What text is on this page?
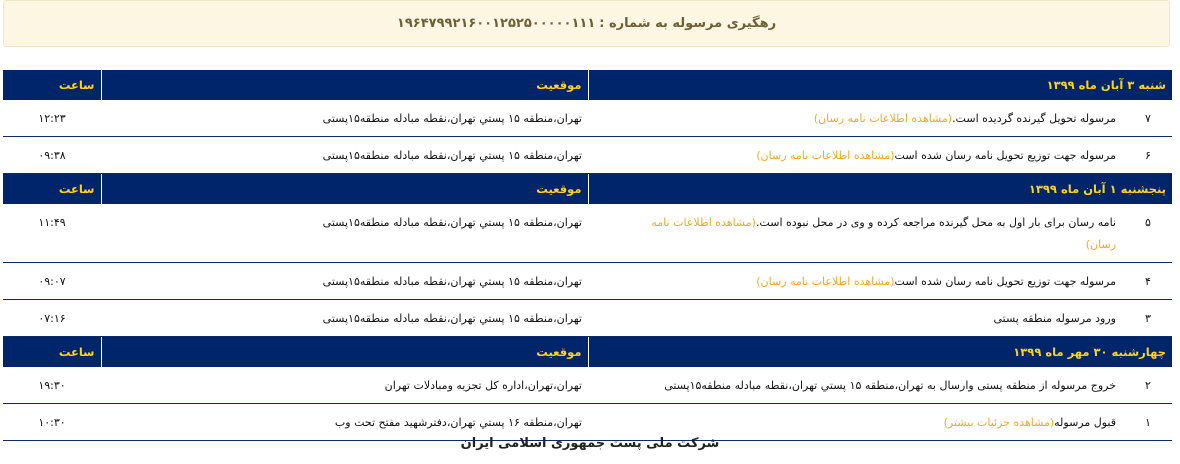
رهگیری مرسوله به شماره :
۱۹۶۴۷۹۹۲۱۶۰۰۱۲۵۲۵۰۰۰۰۰۱۱۱
شنبه ۳ آبان ماه ۱۳۹۹	موقعیت	ساعت

۷
مرسوله تحویل گیرنده گردیده است.(مشاهده اطلاعات نامه رسان)	تهران،منطقه ۱۵ پستي تهران،نقطه مبادله منطقه۱۵پستی	۱۲:۲۳

۶
مرسوله جهت توزیع تحویل نامه رسان شده است(مشاهده اطلاعات نامه رسان)	تهران،منطقه ۱۵ پستي تهران،نقطه مبادله منطقه۱۵پستی	۰۹:۳۸
پنجشنبه ۱ آبان ماه ۱۳۹۹	موقعیت	ساعت

۵
نامه رسان برای بار اول به محل گیرنده مراجعه کرده و وی در محل نبوده است.(مشاهده اطلاعات نامه رسان)	تهران،منطقه ۱۵ پستي تهران،نقطه مبادله منطقه۱۵پستی	۱۱:۴۹

۴
مرسوله جهت توزیع تحویل نامه رسان شده است(مشاهده اطلاعات نامه رسان)	تهران،منطقه ۱۵ پستي تهران،نقطه مبادله منطقه۱۵پستی	۰۹:۰۷

۳
ورود مرسوله منطقه پستی	تهران،منطقه ۱۵ پستي تهران،نقطه مبادله منطقه۱۵پستی	۰۷:۱۶
چهارشنبه ۳۰ مهر ماه ۱۳۹۹	موقعیت	ساعت

۲
خروج مرسوله از منطقه پستی وارسال به تهران،منطقه ۱۵ پستي تهران،نقطه مبادله منطقه۱۵پستی	تهران،تهران،اداره کل تجزیه ومبادلات تهران	۱۹:۳۰

۱
قبول مرسوله(مشاهده جزئیات بیشتر)	تهران،منطقه ۱۶ پستي تهران،دفترشهید مفتح تحت وب	۱۰:۳۰
شرکت ملی پست جمهوری اسلامی ایران
